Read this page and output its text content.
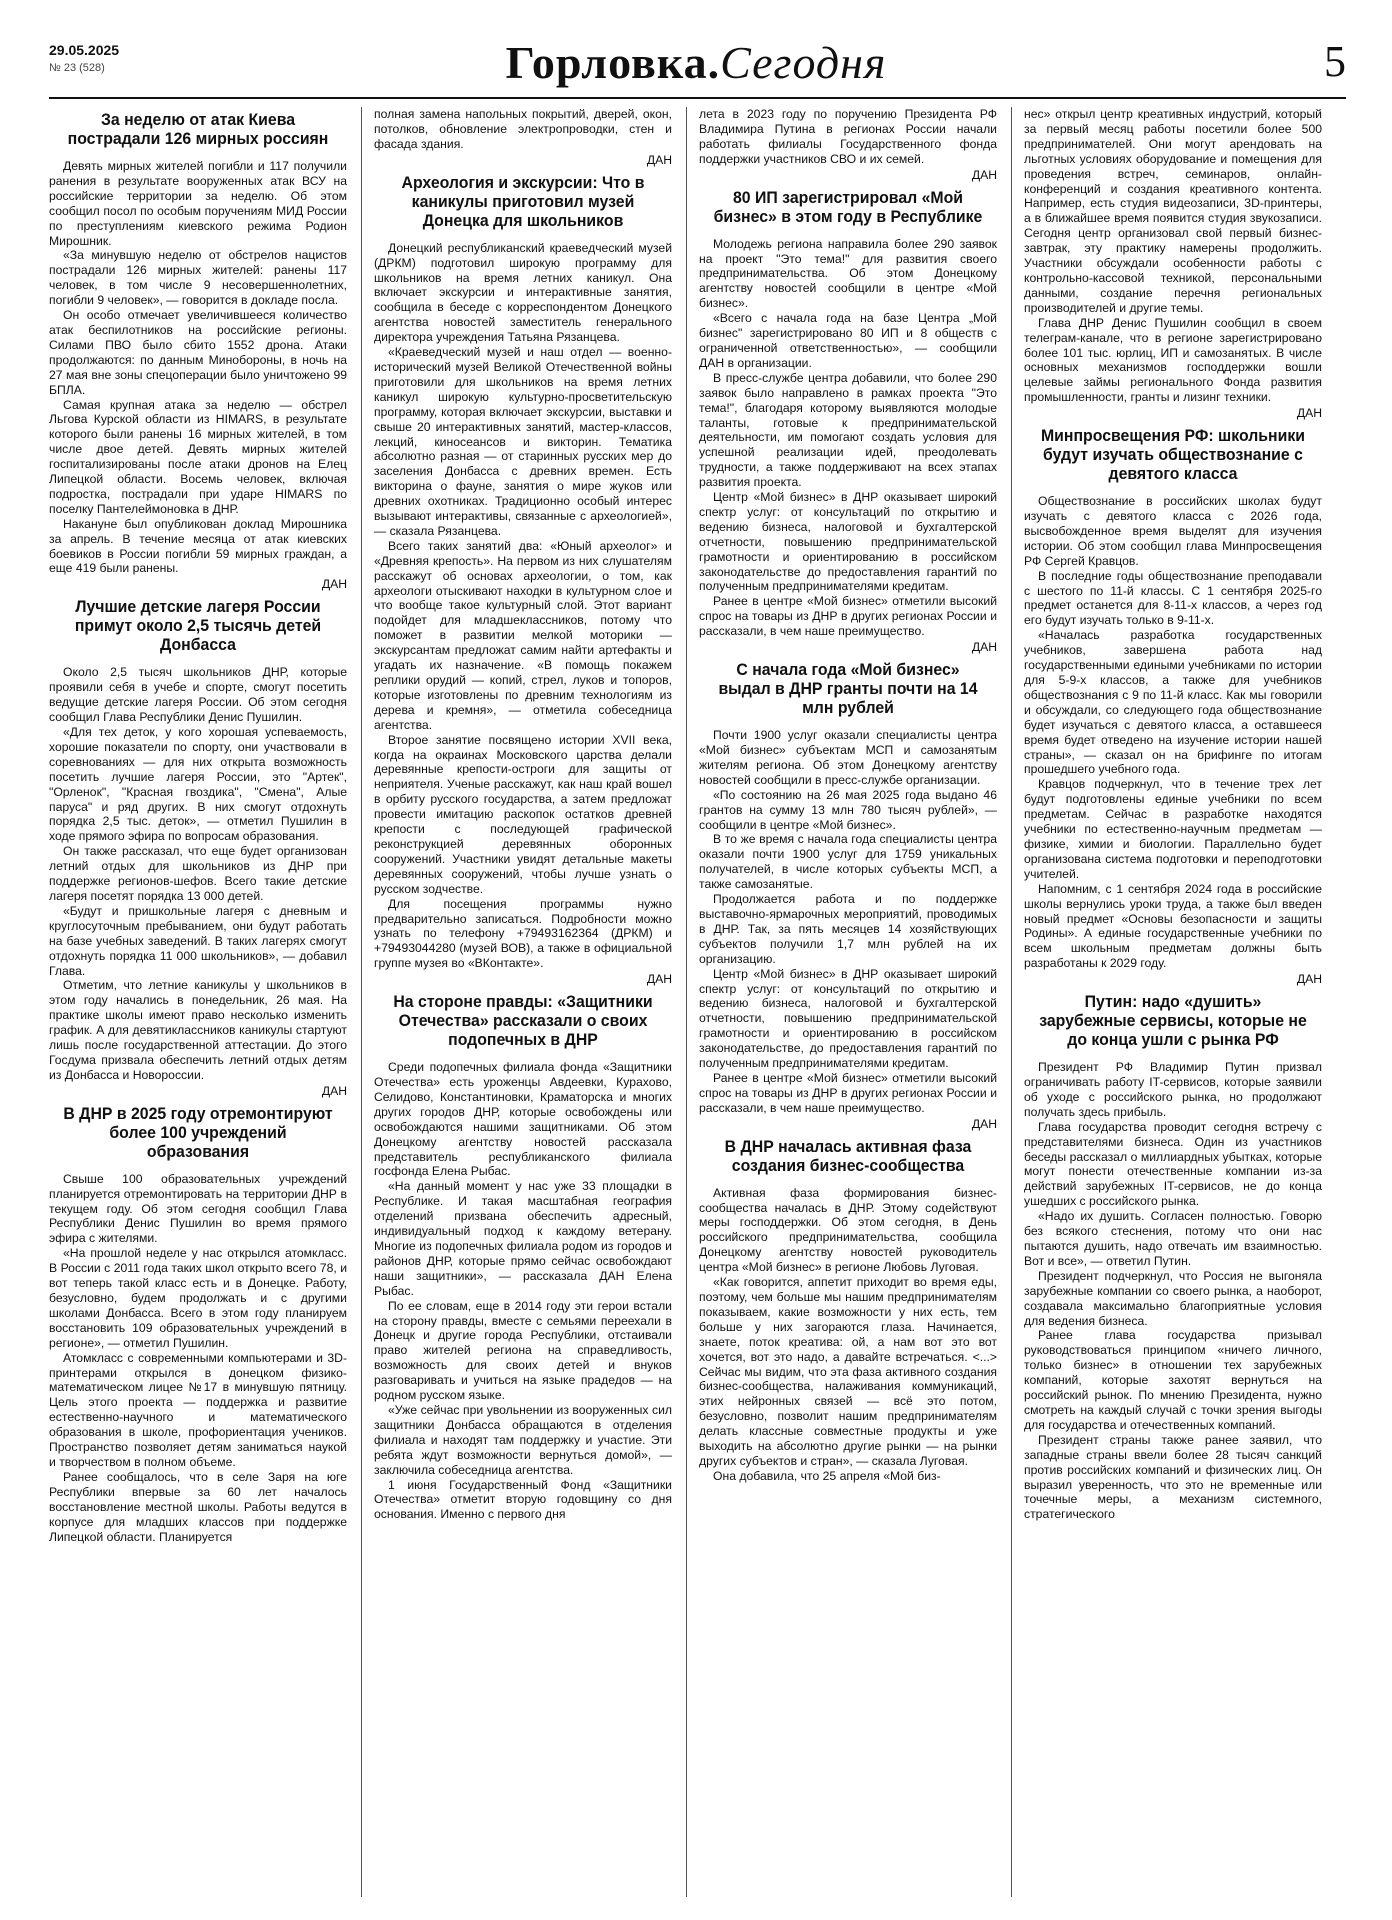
29.05.2025
№ 23 (528)	Горловка.Сегодня	5
За неделю от атак Киева пострадали 126 мирных россиян

Девять мирных жителей погибли и 117 получили ранения в результате вооруженных атак ВСУ на российские территории за неделю. Об этом сообщил посол по особым поручениям МИД России по преступлениям киевского режима Родион Мирошник.

«За минувшую неделю от обстрелов нацистов пострадали 126 мирных жителей: ранены 117 человек, в том числе 9 несовершеннолетних, погибли 9 человек», — говорится в докладе посла.

Он особо отмечает увеличившееся количество атак беспилотников на российские регионы. Силами ПВО было сбито 1552 дрона. Атаки продолжаются: по данным Минобороны, в ночь на 27 мая вне зоны спецоперации было уничтожено 99 БПЛА.

Самая крупная атака за неделю — обстрел Льгова Курской области из HIMARS, в результате которого были ранены 16 мирных жителей, в том числе двое детей. Девять мирных жителей госпитализированы после атаки дронов на Елец Липецкой области. Восемь человек, включая подростка, пострадали при ударе HIMARS по поселку Пантелеймоновка в ДНР.

Накануне был опубликован доклад Мирошника за апрель. В течение месяца от атак киевских боевиков в России погибли 59 мирных граждан, а еще 419 были ранены.

ДАН
Лучшие детские лагеря России примут около 2,5 тысячь детей Донбасса

Около 2,5 тысяч школьников ДНР, которые проявили себя в учебе и спорте, смогут посетить ведущие детские лагеря России. Об этом сегодня сообщил Глава Республики Денис Пушилин.

«Для тех деток, у кого хорошая успеваемость, хорошие показатели по спорту, они участвовали в соревнованиях — для них открыта возможность посетить лучшие лагеря России, это "Артек", "Орленок", "Красная гвоздика", "Смена", Алые паруса" и ряд других. В них смогут отдохнуть порядка 2,5 тыс. деток», — отметил Пушилин в ходе прямого эфира по вопросам образования.

Он также рассказал, что еще будет организован летний отдых для школьников из ДНР при поддержке регионов-шефов. Всего такие детские лагеря посетят порядка 13 000 детей.

«Будут и пришкольные лагеря с дневным и круглосуточным пребыванием, они будут работать на базе учебных заведений. В таких лагерях смогут отдохнуть порядка 11 000 школьников», — добавил Глава.

Отметим, что летние каникулы у школьников в этом году начались в понедельник, 26 мая. На практике школы имеют право несколько изменить график. А для девятиклассников каникулы стартуют лишь после государственной аттестации. До этого Госдума призвала обеспечить летний отдых детям из Донбасса и Новороссии.

ДАН
В ДНР в 2025 году отремонтируют более 100 учреждений образования

Свыше 100 образовательных учреждений планируется отремонтировать на территории ДНР в текущем году. Об этом сегодня сообщил Глава Республики Денис Пушилин во время прямого эфира с жителями.

«На прошлой неделе у нас открылся атомкласс. В России с 2011 года таких школ открыто всего 78, и вот теперь такой класс есть и в Донецке. Работу, безусловно, будем продолжать и с другими школами Донбасса. Всего в этом году планируем восстановить 109 образовательных учреждений в регионе», — отметил Пушилин.

Атомкласс с современными компьютерами и 3D-принтерами открылся в донецком физико-математическом лицее №17 в минувшую пятницу. Цель этого проекта — поддержка и развитие естественно-научного и математического образования в школе, профориентация учеников. Пространство позволяет детям заниматься наукой и творчеством в полном объеме.

Ранее сообщалось, что в селе Заря на юге Республики впервые за 60 лет началось восстановление местной школы. Работы ведутся в корпусе для младших классов при поддержке Липецкой области. Планируется

полная замена напольных покрытий, дверей, окон, потолков, обновление электропроводки, стен и фасада здания.

ДАН
Археология и экскурсии: Что в каникулы приготовил музей Донецка для школьников

Донецкий республиканский краеведческий музей (ДРКМ) подготовил широкую программу для школьников на время летних каникул. Она включает экскурсии и интерактивные занятия, сообщила в беседе с корреспондентом Донецкого агентства новостей заместитель генерального директора учреждения Татьяна Рязанцева.

«Краеведческий музей и наш отдел — военно-исторический музей Великой Отечественной войны приготовили для школьников на время летних каникул широкую культурно-просветительскую программу, которая включает экскурсии, выставки и свыше 20 интерактивных занятий, мастер-классов, лекций, киносеансов и викторин. Тематика абсолютно разная — от старинных русских мер до заселения Донбасса с древних времен. Есть викторина о фауне, занятия о мире жуков или древних охотниках. Традиционно особый интерес вызывают интерактивы, связанные с археологией», — сказала Рязанцева.

Всего таких занятий два: «Юный археолог» и «Древняя крепость». На первом из них слушателям расскажут об основах археологии, о том, как археологи отыскивают находки в культурном слое и что вообще такое культурный слой. Этот вариант подойдет для младшеклассников, потому что поможет в развитии мелкой моторики — экскурсантам предложат самим найти артефакты и угадать их назначение. «В помощь покажем реплики орудий — копий, стрел, луков и топоров, которые изготовлены по древним технологиям из дерева и кремня», — отметила собеседница агентства.

Второе занятие посвящено истории XVII века, когда на окраинах Московского царства делали деревянные крепости-остроги для защиты от неприятеля. Ученые расскажут, как наш край вошел в орбиту русского государства, а затем предложат провести имитацию раскопок остатков древней крепости с последующей графической реконструкцией деревянных оборонных сооружений. Участники увидят детальные макеты деревянных сооружений, чтобы лучше узнать о русском зодчестве.

Для посещения программы нужно предварительно записаться. Подробности можно узнать по телефону +79493162364 (ДРКМ) и +79493044280 (музей ВОВ), а также в официальной группе музея во «ВКонтакте».

ДАН
На стороне правды: «Защитники Отечества» рассказали о своих подопечных в ДНР

Среди подопечных филиала фонда «Защитники Отечества» есть уроженцы Авдеевки, Курахово, Селидово, Константиновки, Краматорска и многих других городов ДНР, которые освобождены или освобождаются нашими защитниками. Об этом Донецкому агентству новостей рассказала представитель республиканского филиала госфонда Елена Рыбас.

«На данный момент у нас уже 33 площадки в Республике. И такая масштабная география отделений призвана обеспечить адресный, индивидуальный подход к каждому ветерану. Многие из подопечных филиала родом из городов и районов ДНР, которые прямо сейчас освобождают наши защитники», — рассказала ДАН Елена Рыбас.

По ее словам, еще в 2014 году эти герои встали на сторону правды, вместе с семьями переехали в Донецк и другие города Республики, отстаивали право жителей региона на справедливость, возможность для своих детей и внуков разговаривать и учиться на языке прадедов — на родном русском языке.

«Уже сейчас при увольнении из вооруженных сил защитники Донбасса обращаются в отделения филиала и находят там поддержку и участие. Эти ребята ждут возможности вернуться домой», — заключила собеседница агентства.

1 июня Государственный Фонд «Защитники Отечества» отметит вторую годовщину со дня основания. Именно с первого дня

лета в 2023 году по поручению Президента РФ Владимира Путина в регионах России начали работать филиалы Государственного фонда поддержки участников СВО и их семей.

ДАН
80 ИП зарегистрировал «Мой бизнес» в этом году в Республике

Молодежь региона направила более 290 заявок на проект "Это тема!" для развития своего предпринимательства. Об этом Донецкому агентству новостей сообщили в центре «Мой бизнес».

«Всего с начала года на базе Центра „Мой бизнес" зарегистрировано 80 ИП и 8 обществ с ограниченной ответственностью», — сообщили ДАН в организации.

В пресс-службе центра добавили, что более 290 заявок было направлено в рамках проекта "Это тема!", благодаря которому выявляются молодые таланты, готовые к предпринимательской деятельности, им помогают создать условия для успешной реализации идей, преодолевать трудности, а также поддерживают на всех этапах развития проекта.

Центр «Мой бизнес» в ДНР оказывает широкий спектр услуг: от консультаций по открытию и ведению бизнеса, налоговой и бухгалтерской отчетности, повышению предпринимательской грамотности и ориентированию в российском законодательстве до предоставления гарантий по полученным предпринимателями кредитам.

Ранее в центре «Мой бизнес» отметили высокий спрос на товары из ДНР в других регионах России и рассказали, в чем наше преимущество.

ДАН
С начала года «Мой бизнес» выдал в ДНР гранты почти на 14 млн рублей

Почти 1900 услуг оказали специалисты центра «Мой бизнес» субъектам МСП и самозанятым жителям региона. Об этом Донецкому агентству новостей сообщили в пресс-службе организации.

«По состоянию на 26 мая 2025 года выдано 46 грантов на сумму 13 млн 780 тысяч рублей», — сообщили в центре «Мой бизнес».

В то же время с начала года специалисты центра оказали почти 1900 услуг для 1759 уникальных получателей, в числе которых субъекты МСП, а также самозанятые.

Продолжается работа и по поддержке выставочно-ярмарочных мероприятий, проводимых в ДНР. Так, за пять месяцев 14 хозяйствующих субъектов получили 1,7 млн рублей на их организацию.

Центр «Мой бизнес» в ДНР оказывает широкий спектр услуг: от консультаций по открытию и ведению бизнеса, налоговой и бухгалтерской отчетности, повышению предпринимательской грамотности и ориентированию в российском законодательстве, до предоставления гарантий по полученным предпринимателями кредитам.

Ранее в центре «Мой бизнес» отметили высокий спрос на товары из ДНР в других регионах России и рассказали, в чем наше преимущество.

ДАН
В ДНР началась активная фаза создания бизнес-сообщества

Активная фаза формирования бизнес-сообщества началась в ДНР. Этому содействуют меры господдержки. Об этом сегодня, в День российского предпринимательства, сообщила Донецкому агентству новостей руководитель центра «Мой бизнес» в регионе Любовь Луговая.

«Как говорится, аппетит приходит во время еды, поэтому, чем больше мы нашим предпринимателям показываем, какие возможности у них есть, тем больше у них загораются глаза. Начинается, знаете, поток креатива: ой, а нам вот это вот хочется, вот это надо, а давайте встречаться. <...> Сейчас мы видим, что эта фаза активного создания бизнес-сообщества, налаживания коммуникаций, этих нейронных связей — всё это потом, безусловно, позволит нашим предпринимателям делать классные совместные продукты и уже выходить на абсолютно другие рынки — на рынки других субъектов и стран», — сказала Луговая.

Она добавила, что 25 апреля «Мой биз-

нес» открыл центр креативных индустрий, который за первый месяц работы посетили более 500 предпринимателей. Они могут арендовать на льготных условиях оборудование и помещения для проведения встреч, семинаров, онлайн-конференций и создания креативного контента. Например, есть студия видеозаписи, 3D-принтеры, а в ближайшее время появится студия звукозаписи. Сегодня центр организовал свой первый бизнес-завтрак, эту практику намерены продолжить. Участники обсуждали особенности работы с контрольно-кассовой техникой, персональными данными, создание перечня региональных производителей и другие темы.

Глава ДНР Денис Пушилин сообщил в своем телеграм-канале, что в регионе зарегистрировано более 101 тыс. юрлиц, ИП и самозанятых. В числе основных механизмов господдержки вошли целевые займы регионального Фонда развития промышленности, гранты и лизинг техники.

ДАН
Минпросвещения РФ: школьники будут изучать обществознание с девятого класса

Обществознание в российских школах будут изучать с девятого класса с 2026 года, высвобожденное время выделят для изучения истории. Об этом сообщил глава Минпросвещения РФ Сергей Кравцов.

В последние годы обществознание преподавали с шестого по 11-й классы. С 1 сентября 2025-го предмет останется для 8-11-х классов, а через год его будут изучать только в 9-11-х.

«Началась разработка государственных учебников, завершена работа над государственными едиными учебниками по истории для 5-9-х классов, а также для учебников обществознания с 9 по 11-й класс. Как мы говорили и обсуждали, со следующего года обществознание будет изучаться с девятого класса, а оставшееся время будет отведено на изучение истории нашей страны», — сказал он на брифинге по итогам прошедшего учебного года.

Кравцов подчеркнул, что в течение трех лет будут подготовлены единые учебники по всем предметам. Сейчас в разработке находятся учебники по естественно-научным предметам — физике, химии и биологии. Параллельно будет организована система подготовки и переподготовки учителей.

Напомним, с 1 сентября 2024 года в российские школы вернулись уроки труда, а также был введен новый предмет «Основы безопасности и защиты Родины». А единые государственные учебники по всем школьным предметам должны быть разработаны к 2029 году.

ДАН
Путин: надо «душить» зарубежные сервисы, которые не до конца ушли с рынка РФ

Президент РФ Владимир Путин призвал ограничивать работу IT-сервисов, которые заявили об уходе с российского рынка, но продолжают получать здесь прибыль.

Глава государства проводит сегодня встречу с представителями бизнеса. Один из участников беседы рассказал о миллиардных убытках, которые могут понести отечественные компании из-за действий зарубежных IT-сервисов, не до конца ушедших с российского рынка.

«Надо их душить. Согласен полностью. Говорю без всякого стеснения, потому что они нас пытаются душить, надо отвечать им взаимностью. Вот и все», — ответил Путин.

Президент подчеркнул, что Россия не выгоняла зарубежные компании со своего рынка, а наоборот, создавала максимально благоприятные условия для ведения бизнеса.

Ранее глава государства призывал руководствоваться принципом «ничего личного, только бизнес» в отношении тех зарубежных компаний, которые захотят вернуться на российский рынок. По мнению Президента, нужно смотреть на каждый случай с точки зрения выгоды для государства и отечественных компаний.

Президент страны также ранее заявил, что западные страны ввели более 28 тысяч санкций против российских компаний и физических лиц. Он выразил уверенность, что это не временные или точечные меры, а механизм системного, стратегического
